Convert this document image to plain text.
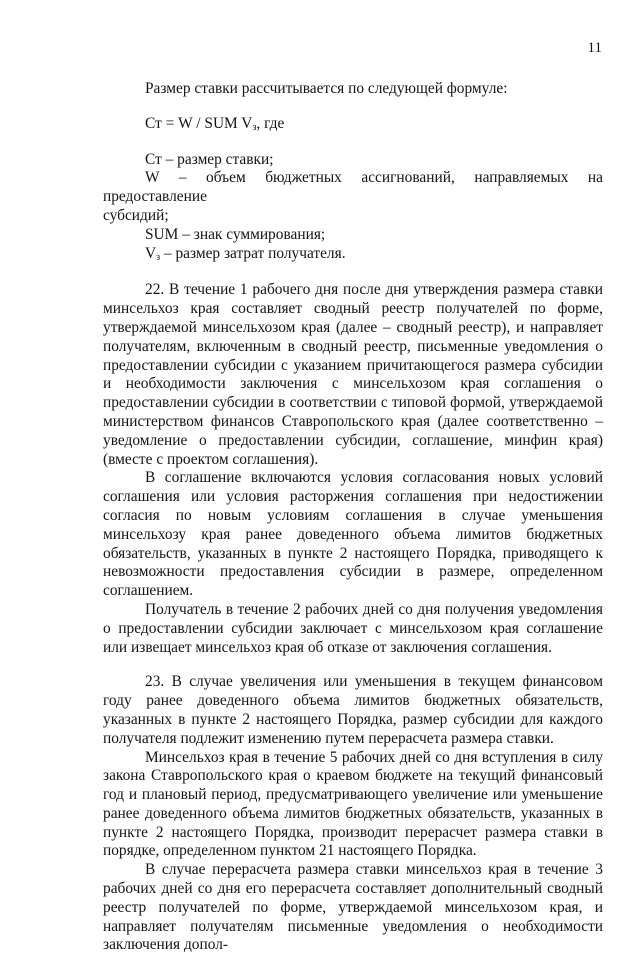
11

Размер ставки рассчитывается по следующей формуле:

Ст = W / SUM $V_з$, где

Ст – размер ставки;

W – объем бюджетных ассигнований, направляемых на предоставление

субсидий;

SUM – знак суммирования;

$V_з$ – размер затрат получателя.

22. В течение 1 рабочего дня после дня утверждения размера ставки минсельхоз края составляет сводный реестр получателей по форме, утверждаемой минсельхозом края (далее – сводный реестр), и направляет получателям, включенным в сводный реестр, письменные уведомления о предоставлении субсидии с указанием причитающегося размера субсидии и необходимости заключения с минсельхозом края соглашения о предоставлении субсидии в соответствии с типовой формой, утверждаемой министерством финансов Ставропольского края (далее соответственно – уведомление о предоставлении субсидии, соглашение, минфин края) (вместе с проектом соглашения).

В соглашение включаются условия согласования новых условий соглашения или условия расторжения соглашения при недостижении согласия по новым условиям соглашения в случае уменьшения минсельхозу края ранее доведенного объема лимитов бюджетных обязательств, указанных в пункте 2 настоящего Порядка, приводящего к невозможности предоставления субсидии в размере, определенном соглашением.

Получатель в течение 2 рабочих дней со дня получения уведомления о предоставлении субсидии заключает с минсельхозом края соглашение или извещает минсельхоз края об отказе от заключения соглашения.

23. В случае увеличения или уменьшения в текущем финансовом году ранее доведенного объема лимитов бюджетных обязательств, указанных в пункте 2 настоящего Порядка, размер субсидии для каждого получателя подлежит изменению путем перерасчета размера ставки.

Минсельхоз края в течение 5 рабочих дней со дня вступления в силу закона Ставропольского края о краевом бюджете на текущий финансовый год и плановый период, предусматривающего увеличение или уменьшение ранее доведенного объема лимитов бюджетных обязательств, указанных в пункте 2 настоящего Порядка, производит перерасчет размера ставки в порядке, определенном пунктом 21 настоящего Порядка.

В случае перерасчета размера ставки минсельхоз края в течение 3 рабочих дней со дня его перерасчета составляет дополнительный сводный реестр получателей по форме, утверждаемой минсельхозом края, и направляет получателям письменные уведомления о необходимости заключения допол-
